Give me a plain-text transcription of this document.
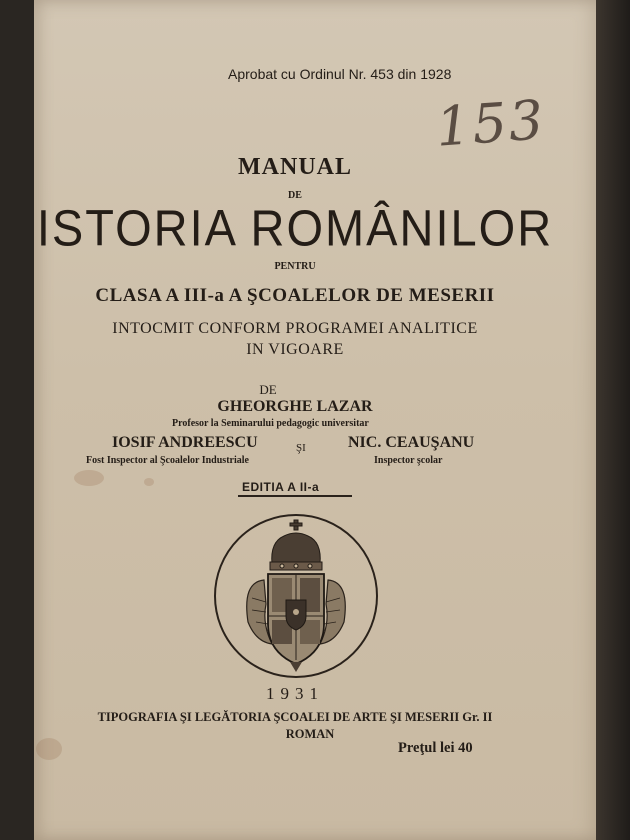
Aprobat cu Ordinul Nr. 453 din 1928
153
MANUAL
DE
ISTORIA ROMÂNILOR
PENTRU
CLASA A III-a A ŞCOALELOR DE MESERII
INTOCMIT CONFORM PROGRAMEI ANALITICE
IN VIGOARE
DE
GHEORGHE LAZAR
Profesor la Seminarului pedagogic universitar
IOSIF ANDREESCU	ŞI	NIC. CEAUŞANU
Fost Inspector al Şcoalelor Industriale	Inspector şcolar
EDITIA A II-a
1931
TIPOGRAFIA ŞI LEGĂTORIA ŞCOALEI DE ARTE ŞI MESERII Gr. II
ROMAN
Preţul lei 40
